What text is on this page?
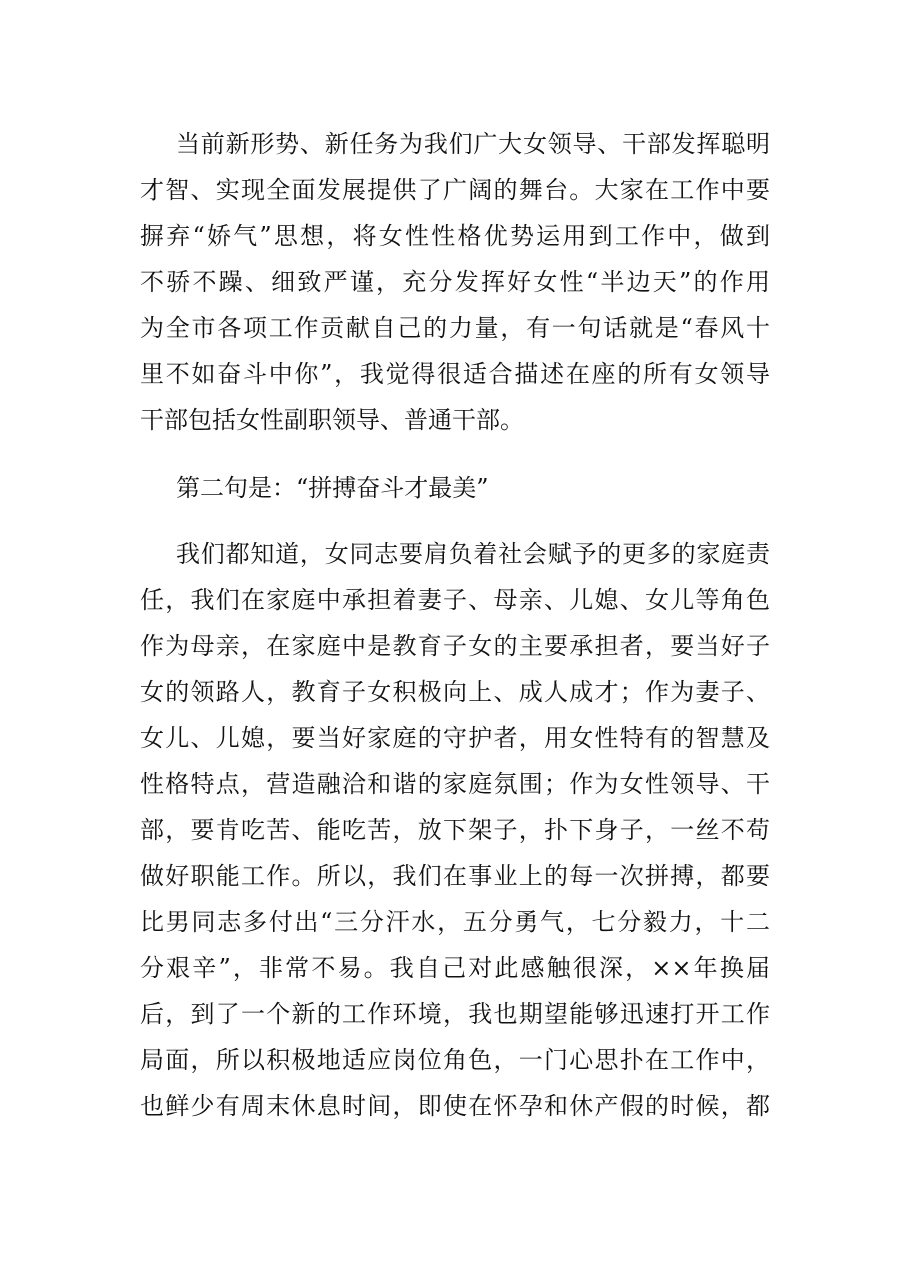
当前新形势、新任务为我们广大女领导、干部发挥聪明
才智、实现全面发展提供了广阔的舞台。大家在工作中要
摒弃“娇气”思想，将女性性格优势运用到工作中，做到
不骄不躁、细致严谨，充分发挥好女性“半边天”的作用
为全市各项工作贡献自己的力量，有一句话就是“春风十
里不如奋斗中你”，我觉得很适合描述在座的所有女领导
干部包括女性副职领导、普通干部。
第二句是：“拼搏奋斗才最美”
我们都知道，女同志要肩负着社会赋予的更多的家庭责
任，我们在家庭中承担着妻子、母亲、儿媳、女儿等角色
作为母亲，在家庭中是教育子女的主要承担者，要当好子
女的领路人，教育子女积极向上、成人成才；作为妻子、
女儿、儿媳，要当好家庭的守护者，用女性特有的智慧及
性格特点，营造融洽和谐的家庭氛围；作为女性领导、干
部，要肯吃苦、能吃苦，放下架子，扑下身子，一丝不苟
做好职能工作。所以，我们在事业上的每一次拼搏，都要
比男同志多付出“三分汗水，五分勇气，七分毅力，十二
分艰辛”，非常不易。我自己对此感触很深，××年换届
后，到了一个新的工作环境，我也期望能够迅速打开工作
局面，所以积极地适应岗位角色，一门心思扑在工作中，
也鲜少有周末休息时间，即使在怀孕和休产假的时候，都
